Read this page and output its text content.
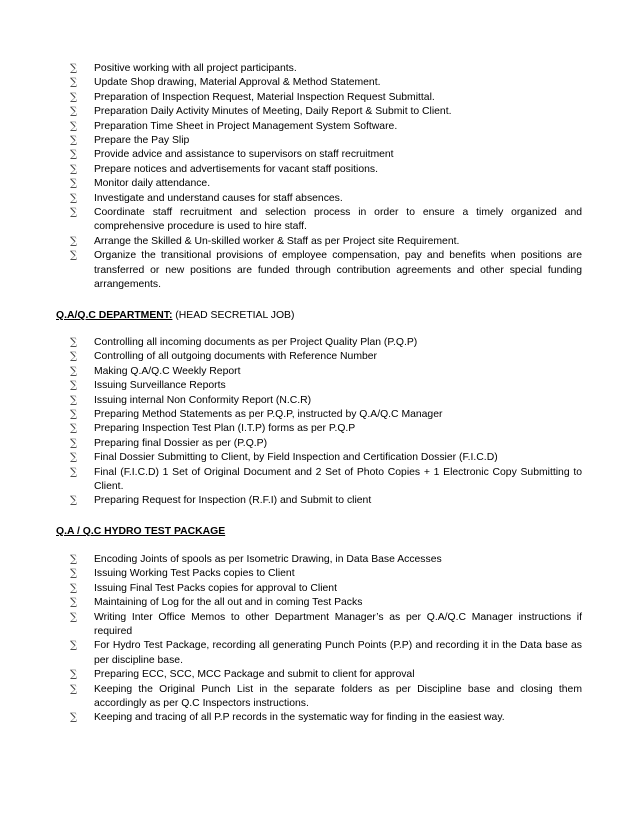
∑ Positive working with all project participants.
∑ Update Shop drawing, Material Approval & Method Statement.
∑ Preparation of Inspection Request, Material Inspection Request Submittal.
∑ Preparation Daily Activity Minutes of Meeting, Daily Report & Submit to Client.
∑ Preparation Time Sheet in Project Management System Software.
∑ Prepare the Pay Slip
∑ Provide advice and assistance to supervisors on staff recruitment
∑ Prepare notices and advertisements for vacant staff positions.
∑ Monitor daily attendance.
∑ Investigate and understand causes for staff absences.
∑ Coordinate staff recruitment and selection process in order to ensure a timely organized and comprehensive procedure is used to hire staff.
∑ Arrange the Skilled & Un-skilled worker & Staff as per Project site Requirement.
∑ Organize the transitional provisions of employee compensation, pay and benefits when positions are transferred or new positions are funded through contribution agreements and other special funding arrangements.
Q.A/Q.C DEPARTMENT: (HEAD SECRETIAL JOB)
∑ Controlling all incoming documents as per Project Quality Plan (P.Q.P)
∑ Controlling of all outgoing documents with Reference Number
∑ Making Q.A/Q.C Weekly Report
∑ Issuing Surveillance Reports
∑ Issuing internal Non Conformity Report (N.C.R)
∑ Preparing Method Statements as per P.Q.P, instructed by Q.A/Q.C Manager
∑ Preparing Inspection Test Plan (I.T.P) forms as per P.Q.P
∑ Preparing final Dossier as per (P.Q.P)
∑ Final Dossier Submitting to Client, by Field Inspection and Certification Dossier (F.I.C.D)
∑ Final (F.I.C.D) 1 Set of Original Document and 2 Set of Photo Copies + 1 Electronic Copy Submitting to Client.
∑ Preparing Request for Inspection (R.F.I) and Submit to client
Q.A / Q.C HYDRO TEST PACKAGE
∑ Encoding Joints of spools as per Isometric Drawing, in Data Base Accesses
∑ Issuing Working Test Packs copies to Client
∑ Issuing Final Test Packs copies for approval to Client
∑ Maintaining of Log for the all out and in coming Test Packs
∑ Writing Inter Office Memos to other Department Manager’s as per Q.A/Q.C Manager instructions if required
∑ For Hydro Test Package, recording all generating Punch Points (P.P) and recording it in the Data base as per discipline base.
∑ Preparing ECC, SCC, MCC Package and submit to client for approval
∑ Keeping the Original Punch List in the separate folders as per Discipline base and closing them accordingly as per Q.C Inspectors instructions.
∑ Keeping and tracing of all P.P records in the systematic way for finding in the easiest way.
